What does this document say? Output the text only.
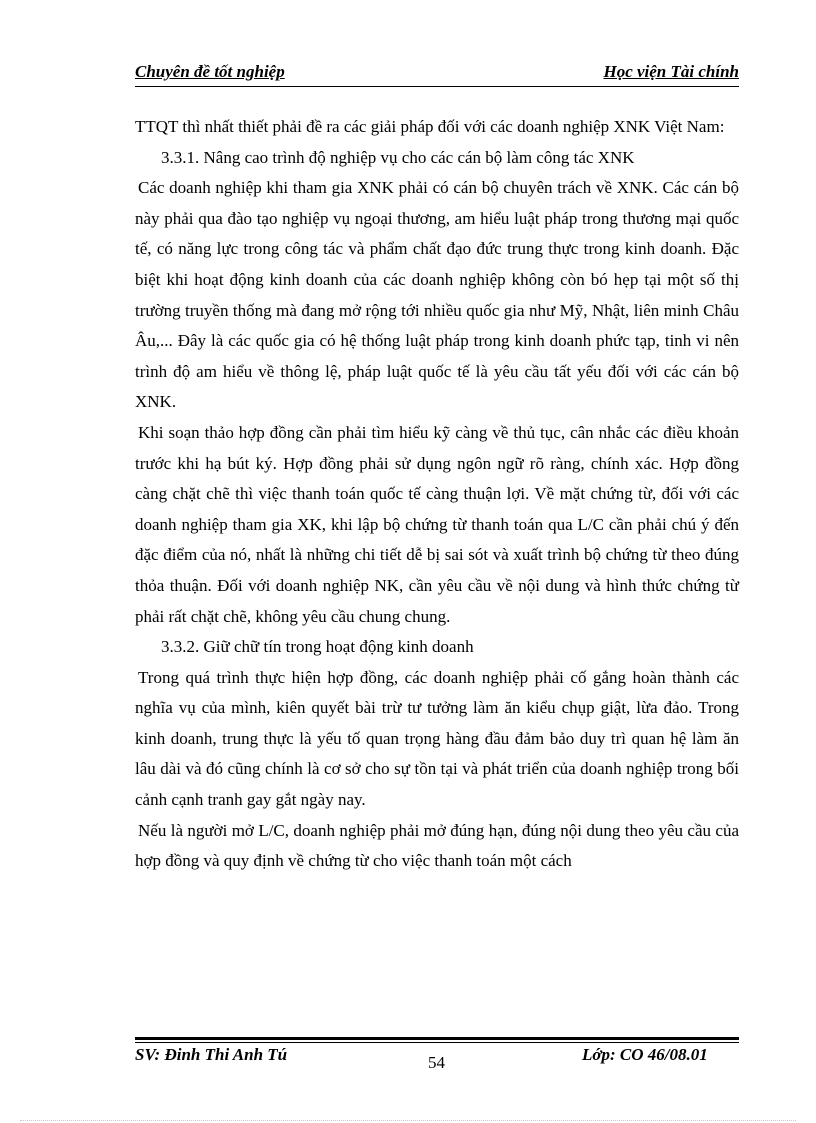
Chuyên đề tốt nghiệp	Học viện Tài chính

TTQT thì nhất thiết phải đề ra các giải pháp đối với các doanh nghiệp XNK Việt Nam:

3.3.1. Nâng cao trình độ nghiệp vụ cho các cán bộ làm công tác XNK

Các doanh nghiệp khi tham gia XNK phải có cán bộ chuyên trách về XNK. Các cán bộ này phải qua đào tạo nghiệp vụ ngoại thương, am hiểu luật pháp trong thương mại quốc tế, có năng lực trong công tác và phẩm chất đạo đức trung thực trong kinh doanh. Đặc biệt khi hoạt động kinh doanh của các doanh nghiệp không còn bó hẹp tại một số thị trường truyền thống mà đang mở rộng tới nhiều quốc gia như Mỹ, Nhật, liên minh Châu Âu,... Đây là các quốc gia có hệ thống luật pháp trong kinh doanh phức tạp, tinh vi nên trình độ am hiểu về thông lệ, pháp luật quốc tế là yêu cầu tất yếu đối với các cán bộ XNK.

Khi soạn thảo hợp đồng cần phải tìm hiểu kỹ càng về thủ tục, cân nhắc các điều khoản trước khi hạ bút ký. Hợp đồng phải sử dụng ngôn ngữ rõ ràng, chính xác. Hợp đồng càng chặt chẽ thì việc thanh toán quốc tế càng thuận lợi. Về mặt chứng từ, đối với các doanh nghiệp tham gia XK, khi lập bộ chứng từ thanh toán qua L/C cần phải chú ý đến đặc điểm của nó, nhất là những chi tiết dễ bị sai sót và xuất trình bộ chứng từ theo đúng thỏa thuận. Đối với doanh nghiệp NK, cần yêu cầu về nội dung và hình thức chứng từ phải rất chặt chẽ, không yêu cầu chung chung.

3.3.2. Giữ chữ tín trong hoạt động kinh doanh

Trong quá trình thực hiện hợp đồng, các doanh nghiệp phải cố gắng hoàn thành các nghĩa vụ của mình, kiên quyết bài trừ tư tưởng làm ăn kiểu chụp giật, lừa đảo. Trong kinh doanh, trung thực là yếu tố quan trọng hàng đầu đảm bảo duy trì quan hệ làm ăn lâu dài và đó cũng chính là cơ sở cho sự tồn tại và phát triển của doanh nghiệp trong bối cảnh cạnh tranh gay gắt ngày nay.

Nếu là người mở L/C, doanh nghiệp phải mở đúng hạn, đúng nội dung theo yêu cầu của hợp đồng và quy định về chứng từ cho việc thanh toán một cách

SV: Đinh Thi Anh Tú	54	Lớp: CO 46/08.01
